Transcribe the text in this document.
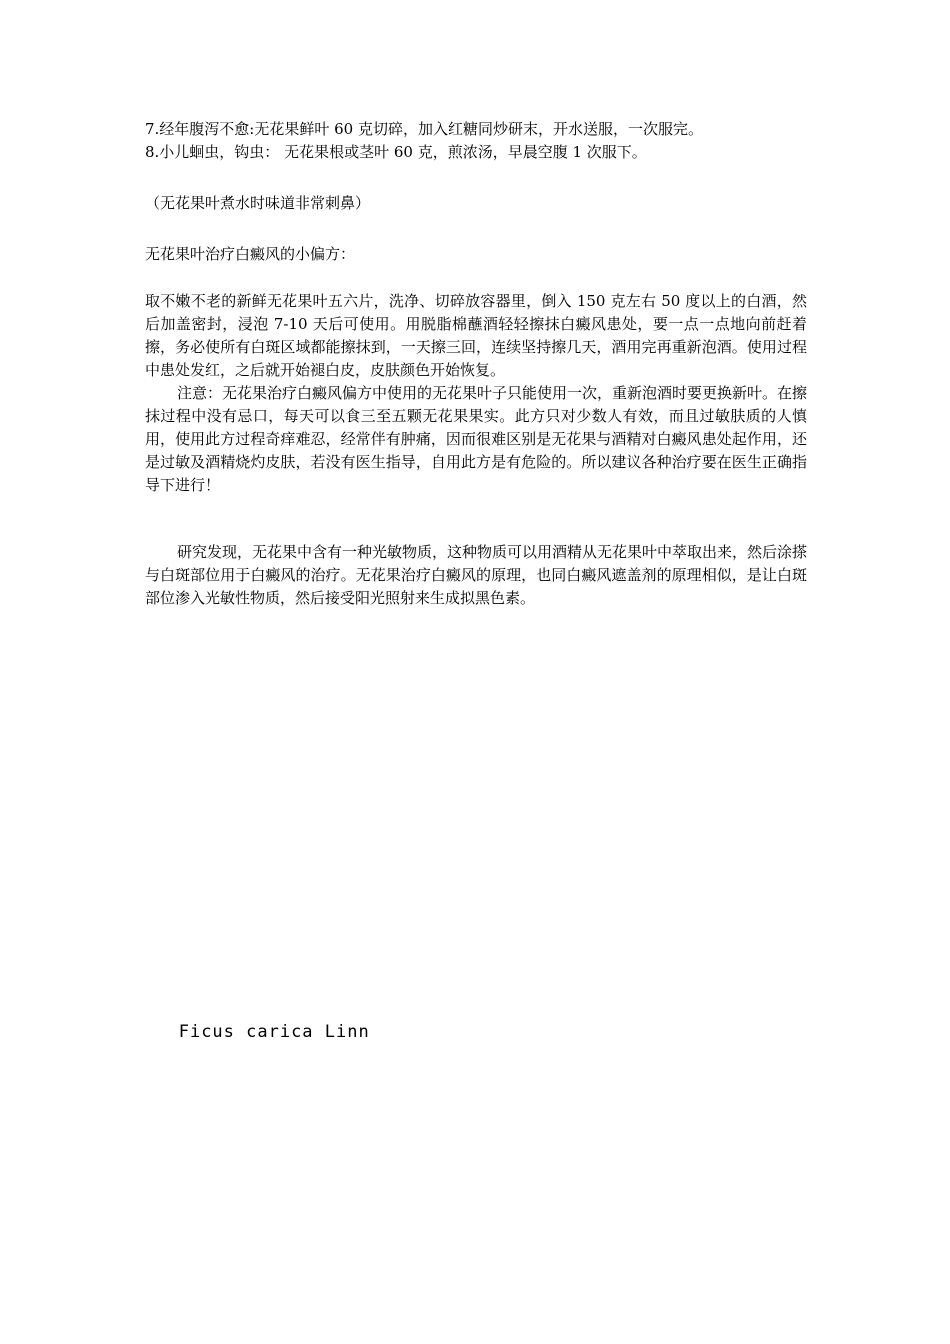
7.经年腹泻不愈:无花果鲜叶 60 克切碎，加入红糖同炒研末，开水送服，一次服完。
8.小儿蛔虫，钩虫： 无花果根或茎叶 60 克，煎浓汤，早晨空腹 1 次服下。
（无花果叶煮水时味道非常刺鼻）
无花果叶治疗白癜风的小偏方：

取不嫩不老的新鲜无花果叶五六片，洗净、切碎放容器里，倒入 150 克左右 50 度以上的白酒，然后加盖密封，浸泡 7-10 天后可使用。用脱脂棉蘸酒轻轻擦抹白癜风患处，要一点一点地向前赶着擦，务必使所有白斑区域都能擦抹到，一天擦三回，连续坚持擦几天，酒用完再重新泡酒。使用过程中患处发红，之后就开始褪白皮，皮肤颜色开始恢复。

注意：无花果治疗白癜风偏方中使用的无花果叶子只能使用一次，重新泡酒时要更换新叶。在擦抹过程中没有忌口，每天可以食三至五颗无花果果实。此方只对少数人有效，而且过敏肤质的人慎用，使用此方过程奇痒难忍，经常伴有肿痛，因而很难区别是无花果与酒精对白癜风患处起作用，还是过敏及酒精烧灼皮肤，若没有医生指导，自用此方是有危险的。所以建议各种治疗要在医生正确指导下进行！

研究发现，无花果中含有一种光敏物质，这种物质可以用酒精从无花果叶中萃取出来，然后涂搽与白斑部位用于白癜风的治疗。无花果治疗白癜风的原理，也同白癜风遮盖剂的原理相似，是让白斑部位渗入光敏性物质，然后接受阳光照射来生成拟黑色素。

Ficus carica Linn
